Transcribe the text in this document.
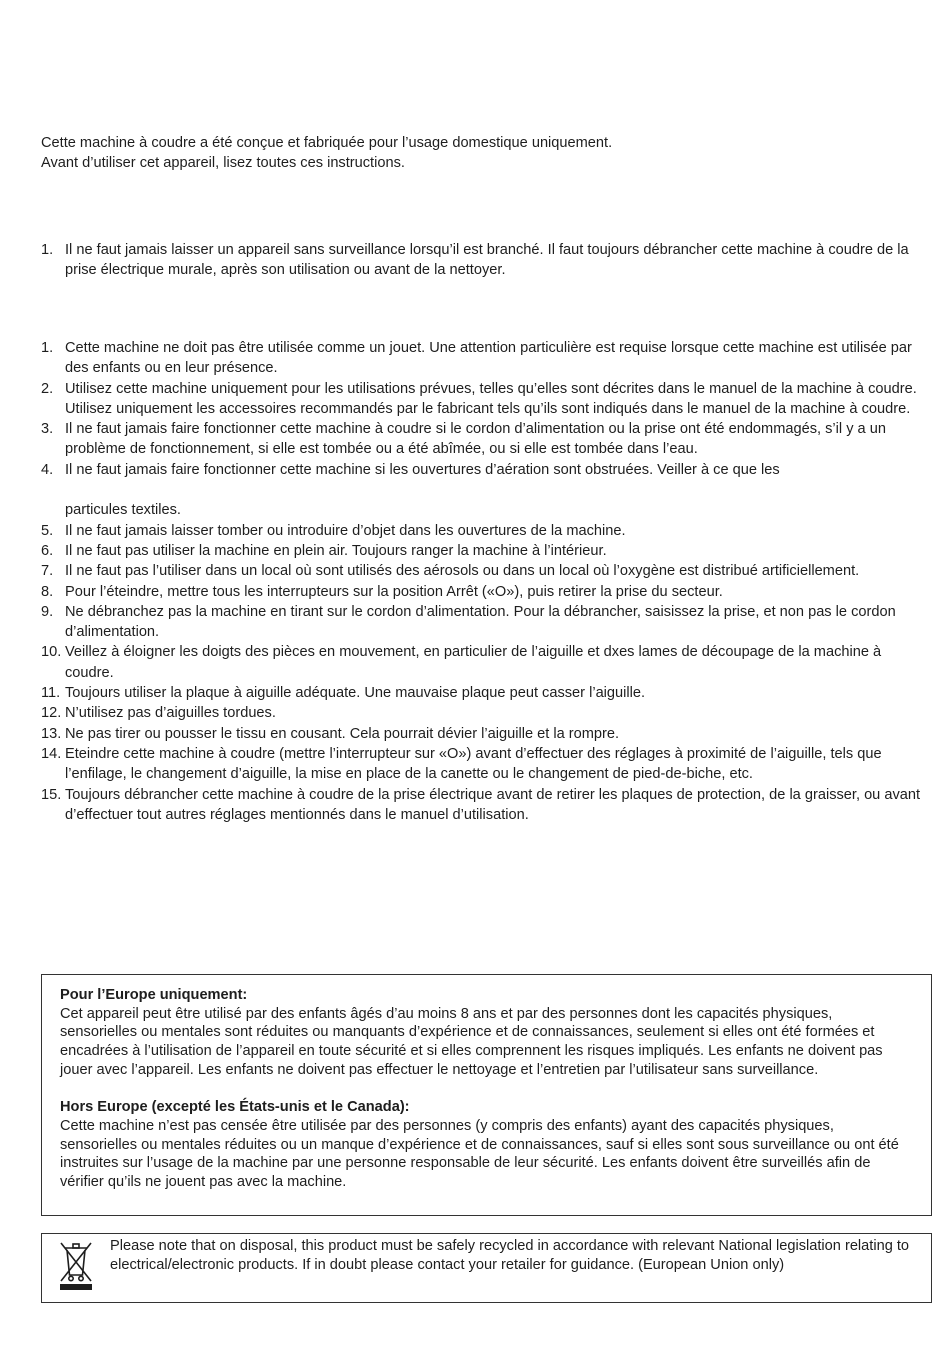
Cette machine à coudre a été conçue et fabriquée pour l’usage domestique uniquement.

Avant d’utiliser cet appareil, lisez toutes ces instructions.

1. Il ne faut jamais laisser un appareil sans surveillance lorsqu’il est branché. Il faut toujours débrancher cette machine à coudre de la prise électrique murale, après son utilisation ou avant de la nettoyer.
1. Cette machine ne doit pas être utilisée comme un jouet. Une attention particulière est requise lorsque cette machine est utilisée par des enfants ou en leur présence.
2. Utilisez cette machine uniquement pour les utilisations prévues, telles qu’elles sont décrites dans le manuel de la machine à coudre.
Utilisez uniquement les accessoires recommandés par le fabricant tels qu’ils sont indiqués dans le manuel de la machine à coudre.
3. Il ne faut jamais faire fonctionner cette machine à coudre si le cordon d’alimentation ou la prise ont été endommagés, s’il y a un problème de fonctionnement, si elle est tombée ou a été abîmée, ou si elle est tombée dans l’eau.
4. Il ne faut jamais faire fonctionner cette machine si les ouvertures d’aération sont obstruées. Veiller à ce que les
particules textiles.
5. Il ne faut jamais laisser tomber ou introduire d’objet dans les ouvertures de la machine.
6. Il ne faut pas utiliser la machine en plein air. Toujours ranger la machine à l’intérieur.
7. Il ne faut pas l’utiliser dans un local où sont utilisés des aérosols ou dans un local où l’oxygène est distribué artificiellement.
8. Pour l’éteindre, mettre tous les interrupteurs sur la position Arrêt («O»), puis retirer la prise du secteur.
9. Ne débranchez pas la machine en tirant sur le cordon d’alimentation. Pour la débrancher, saisissez la prise, et non pas le cordon d’alimentation.
10. Veillez à éloigner les doigts des pièces en mouvement, en particulier de l’aiguille et dxes lames de découpage de la machine à coudre.
11. Toujours utiliser la plaque à aiguille adéquate. Une mauvaise plaque peut casser l’aiguille.
12. N’utilisez pas d’aiguilles tordues.
13. Ne pas tirer ou pousser le tissu en cousant. Cela pourrait dévier l’aiguille et la rompre.
14. Eteindre cette machine à coudre (mettre l’interrupteur sur «O») avant d’effectuer des réglages à proximité de l’aiguille, tels que l’enfilage, le changement d’aiguille, la mise en place de la canette ou le changement de pied-de-biche, etc.
15. Toujours débrancher cette machine à coudre de la prise électrique avant de retirer les plaques de protection, de la graisser, ou avant d’effectuer tout autres réglages mentionnés dans le manuel d’utilisation.
Pour l’Europe uniquement:

Cet appareil peut être utilisé par des enfants âgés d’au moins 8 ans et par des personnes dont les capacités physiques, sensorielles ou mentales sont réduites ou manquants d’expérience et de connaissances, seulement si elles ont été formées et encadrées à l’utilisation de l’appareil en toute sécurité et si elles comprennent les risques impliqués. Les enfants ne doivent pas jouer avec l’appareil. Les enfants ne doivent pas effectuer le nettoyage et l’entretien par l’utilisateur sans surveillance.

Hors Europe (excepté les États-unis et le Canada):

Cette machine n’est pas censée être utilisée par des personnes (y compris des enfants) ayant des capacités physiques, sensorielles ou mentales réduites ou un manque d’expérience et de connaissances, sauf si elles sont sous surveillance ou ont été instruites sur l’usage de la machine par une personne responsable de leur sécurité. Les enfants doivent être surveillés afin de vérifier qu’ils ne jouent pas avec la machine.

Please note that on disposal, this product must be safely recycled in accordance with relevant National legislation relating to electrical/electronic products. If in doubt please contact your retailer for guidance. (European Union only)
